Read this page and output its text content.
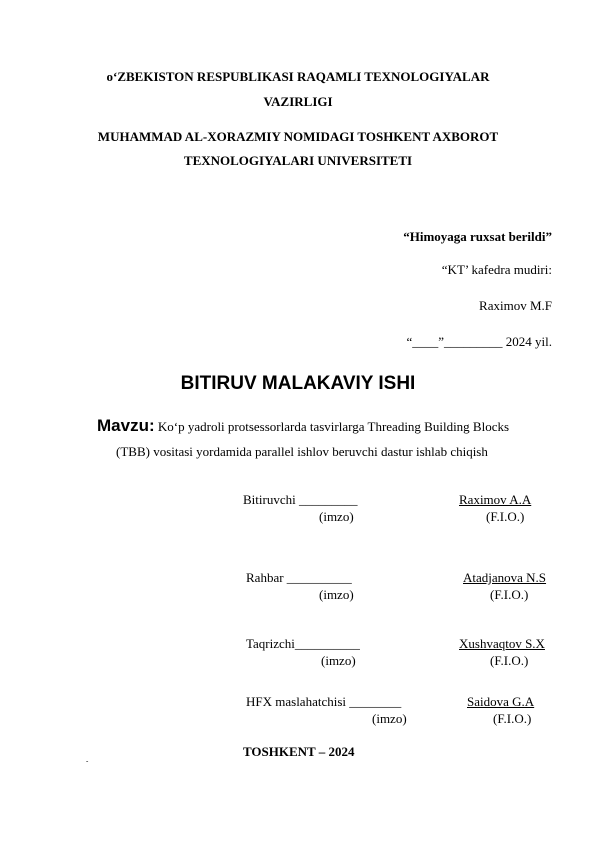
o‘ZBEKISTON RESPUBLIKASI RAQAMLI TEXNOLOGIYALAR
VAZIRLIGI
MUHAMMAD AL-XORAZMIY NOMIDAGI TOSHKENT AXBOROT
TEXNOLOGIYALARI UNIVERSITETI
“Himoyaga ruxsat berildi”
“KT’ kafedra mudiri:
Raximov M.F
“____”_________ 2024 yil.
BITIRUV MALAKAVIY ISHI
Mavzu: Ko‘p yadroli protsessorlarda tasvirlarga Threading Building Blocks
(TBB) vositasi yordamida parallel ishlov beruvchi dastur ishlab chiqish
Bitiruvchi _________	Raximov A.A
(imzo)	(F.I.O.)
Rahbar __________	Atadjanova N.S
(imzo)	(F.I.O.)
Taqrizchi__________	Xushvaqtov S.X
(imzo)	(F.I.O.)
HFX maslahatchisi ________	Saidova G.A
(imzo)	(F.I.O.)
TOSHKENT – 2024
-
